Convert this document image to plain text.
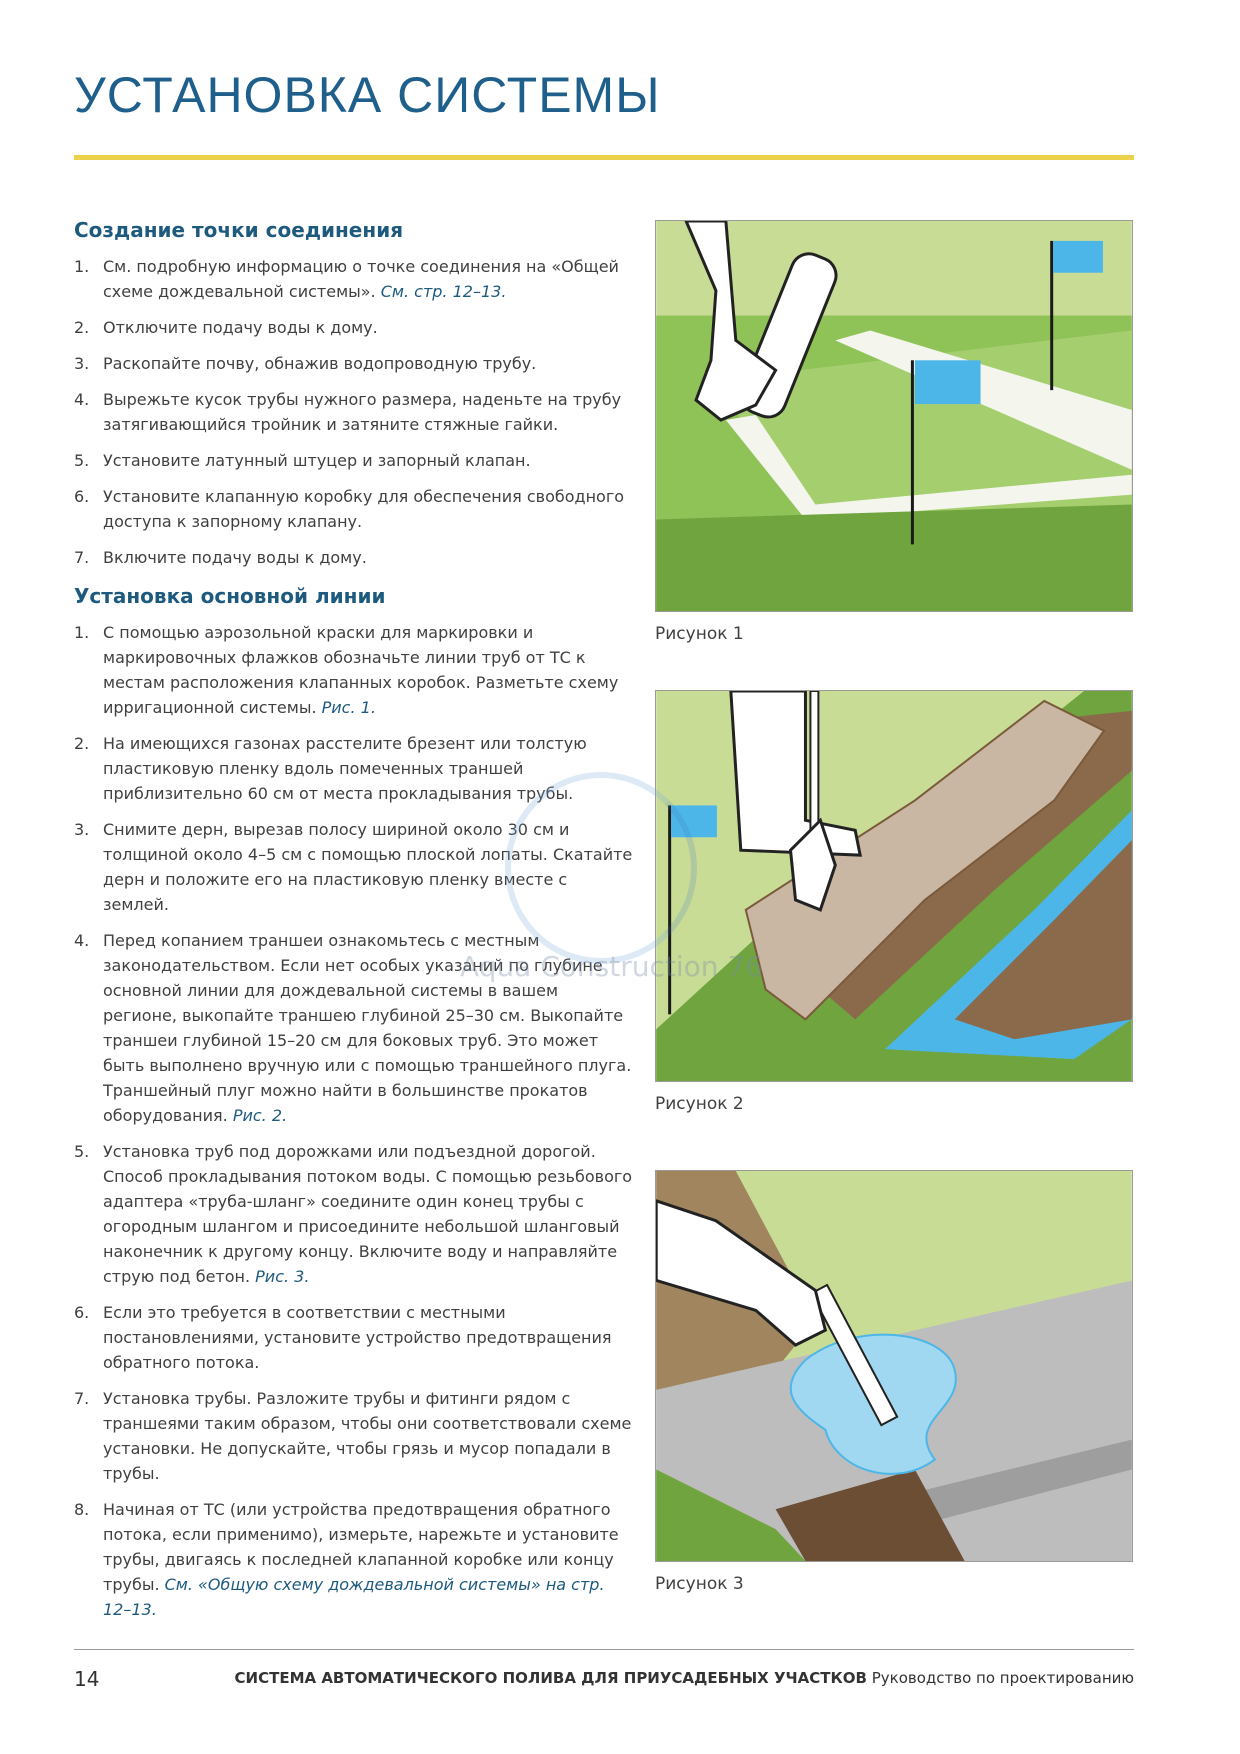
УСТАНОВКА СИСТЕМЫ
Создание точки соединения
1. См. подробную информацию о точке соединения на «Общей схеме дождевальной системы». См. стр. 12–13.
2. Отключите подачу воды к дому.
3. Раскопайте почву, обнажив водопроводную трубу.
4. Вырежьте кусок трубы нужного размера, наденьте на трубу затягивающийся тройник и затяните стяжные гайки.
5. Установите латунный штуцер и запорный клапан.
6. Установите клапанную коробку для обеспечения свободного доступа к запорному клапану.
7. Включите подачу воды к дому.
Установка основной линии
1. С помощью аэрозольной краски для маркировки и маркировочных флажков обозначьте линии труб от ТС к местам расположения клапанных коробок. Разметьте схему ирригационной системы. Рис. 1.
2. На имеющихся газонах расстелите брезент или толстую пластиковую пленку вдоль помеченных траншей приблизительно 60 см от места прокладывания трубы.
3. Снимите дерн, вырезав полосу шириной около 30 см и толщиной около 4–5 см с помощью плоской лопаты. Скатайте дерн и положите его на пластиковую пленку вместе с землей.
4. Перед копанием траншеи ознакомьтесь с местным законодательством. Если нет особых указаний по глубине основной линии для дождевальной системы в вашем регионе, выкопайте траншею глубиной 25–30 см. Выкопайте траншеи глубиной 15–20 см для боковых труб. Это может быть выполнено вручную или с помощью траншейного плуга. Траншейный плуг можно найти в большинстве прокатов оборудования. Рис. 2.
5. Установка труб под дорожками или подъездной дорогой. Способ прокладывания потоком воды. С помощью резьбового адаптера «труба-шланг» соедините один конец трубы с огородным шлангом и присоедините небольшой шланговый наконечник к другому концу. Включите воду и направляйте струю под бетон. Рис. 3.
6. Если это требуется в соответствии с местными постановлениями, установите устройство предотвращения обратного потока.
7. Установка трубы. Разложите трубы и фитинги рядом с траншеями таким образом, чтобы они соответствовали схеме установки. Не допускайте, чтобы грязь и мусор попадали в трубы.
8. Начиная от ТС (или устройства предотвращения обратного потока, если применимо), измерьте, нарежьте и установите трубы, двигаясь к последней клапанной коробке или концу трубы. См. «Общую схему дождевальной системы» на стр. 12–13.
Рисунок 1
Рисунок 2
Рисунок 3
Aqua Construction 76
14	СИСТЕМА АВТОМАТИЧЕСКОГО ПОЛИВА ДЛЯ ПРИУСАДЕБНЫХ УЧАСТКОВ Руководство по проектированию
